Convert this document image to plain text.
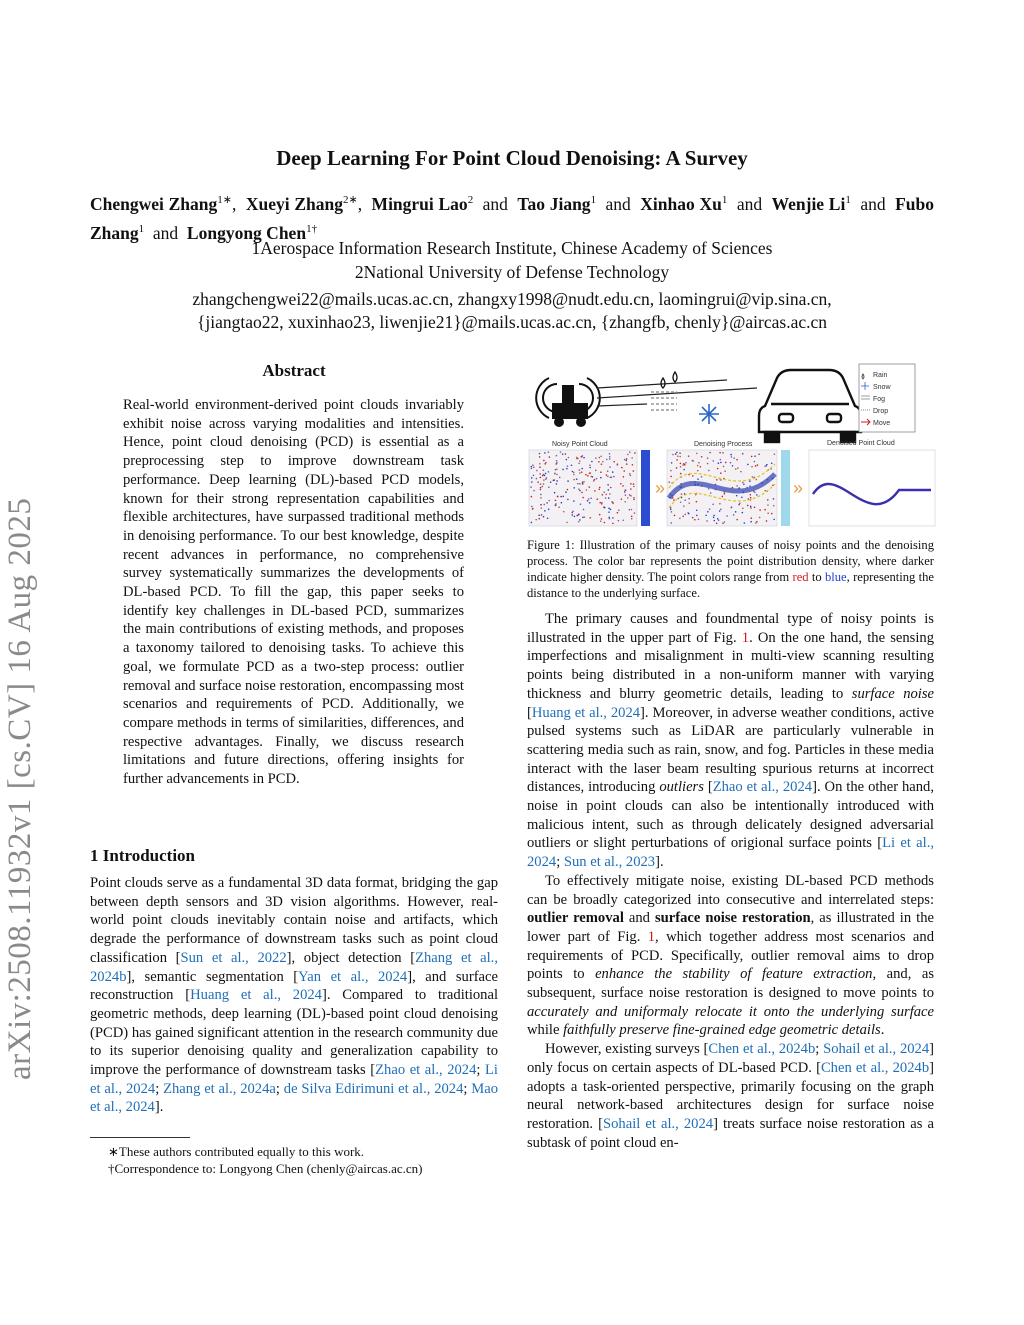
arXiv:2508.11932v1 [cs.CV] 16 Aug 2025
Deep Learning For Point Cloud Denoising: A Survey
Chengwei Zhang$^{1∗}$,  Xueyi Zhang$^{2∗}$,  Mingrui Lao$^2$  and  Tao Jiang$^1$  and  Xinhao Xu$^1$  and  Wenjie Li$^1$  and  Fubo Zhang$^1$  and  Longyong Chen$^{1\dagger}$
1Aerospace Information Research Institute, Chinese Academy of Sciences
2National University of Defense Technology
zhangchengwei22@mails.ucas.ac.cn, zhangxy1998@nudt.edu.cn, laomingrui@vip.sina.cn,
{jiangtao22, xuxinhao23, liwenjie21}@mails.ucas.ac.cn, {zhangfb, chenly}@aircas.ac.cn
Abstract
Real-world environment-derived point clouds invariably exhibit noise across varying modalities and intensities. Hence, point cloud denoising (PCD) is essential as a preprocessing step to improve downstream task performance. Deep learning (DL)-based PCD models, known for their strong representation capabilities and flexible architectures, have surpassed traditional methods in denoising performance. To our best knowledge, despite recent advances in performance, no comprehensive survey systematically summarizes the developments of DL-based PCD. To fill the gap, this paper seeks to identify key challenges in DL-based PCD, summarizes the main contributions of existing methods, and proposes a taxonomy tailored to denoising tasks. To achieve this goal, we formulate PCD as a two-step process: outlier removal and surface noise restoration, encompassing most scenarios and requirements of PCD. Additionally, we compare methods in terms of similarities, differences, and respective advantages. Finally, we discuss research limitations and future directions, offering insights for further advancements in PCD.
1 Introduction
Point clouds serve as a fundamental 3D data format, bridging the gap between depth sensors and 3D vision algorithms. However, real-world point clouds inevitably contain noise and artifacts, which degrade the performance of downstream tasks such as point cloud classification [Sun et al., 2022], object detection [Zhang et al., 2024b], semantic segmentation [Yan et al., 2024], and surface reconstruction [Huang et al., 2024]. Compared to traditional geometric methods, deep learning (DL)-based point cloud denoising (PCD) has gained significant attention in the research community due to its superior denoising quality and generalization capability to improve the performance of downstream tasks [Zhao et al., 2024; Li et al., 2024; Zhang et al., 2024a; de Silva Edirimuni et al., 2024; Mao et al., 2024].
∗These authors contributed equally to this work.
†Correspondence to: Longyong Chen (chenly@aircas.ac.cn)
Rain
Snow
Fog
Drop
Move
Noisy Point Cloud	Denoising Process	Denoised Point Cloud
»	»
Figure 1: Illustration of the primary causes of noisy points and the denoising process. The color bar represents the point distribution density, where darker indicate higher density. The point colors range from red to blue, representing the distance to the underlying surface.

The primary causes and foundmental type of noisy points is illustrated in the upper part of Fig. 1. On the one hand, the sensing imperfections and misalignment in multi-view scanning resulting points being distributed in a non-uniform manner with varying thickness and blurry geometric details, leading to surface noise [Huang et al., 2024]. Moreover, in adverse weather conditions, active pulsed systems such as LiDAR are particularly vulnerable in scattering media such as rain, snow, and fog. Particles in these media interact with the laser beam resulting spurious returns at incorrect distances, introducing outliers [Zhao et al., 2024]. On the other hand, noise in point clouds can also be intentionally introduced with malicious intent, such as through delicately designed adversarial outliers or slight perturbations of origional surface points [Li et al., 2024; Sun et al., 2023].

To effectively mitigate noise, existing DL-based PCD methods can be broadly categorized into consecutive and interrelated steps: outlier removal and surface noise restoration, as illustrated in the lower part of Fig. 1, which together address most scenarios and requirements of PCD. Specifically, outlier removal aims to drop points to enhance the stability of feature extraction, and, as subsequent, surface noise restoration is designed to move points to accurately and uniformaly relocate it onto the underlying surface while faithfully preserve fine-grained edge geometric details.

However, existing surveys [Chen et al., 2024b; Sohail et al., 2024] only focus on certain aspects of DL-based PCD. [Chen et al., 2024b] adopts a task-oriented perspective, primarily focusing on the graph neural network-based architectures design for surface noise restoration. [Sohail et al., 2024] treats surface noise restoration as a subtask of point cloud en-
